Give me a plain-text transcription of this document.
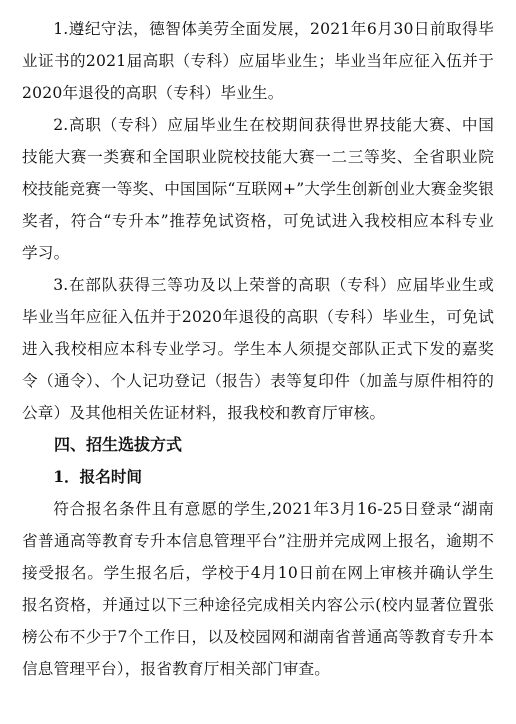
1.遵纪守法，德智体美劳全面发展，2021年6月30日前取得毕业证书的2021届高职（专科）应届毕业生；毕业当年应征入伍并于2020年退役的高职（专科）毕业生。

2.高职（专科）应届毕业生在校期间获得世界技能大赛、中国技能大赛一类赛和全国职业院校技能大赛一二三等奖、全省职业院校技能竞赛一等奖、中国国际“互联网+”大学生创新创业大赛金奖银奖者，符合“专升本”推荐免试资格，可免试进入我校相应本科专业学习。

3.在部队获得三等功及以上荣誉的高职（专科）应届毕业生或毕业当年应征入伍并于2020年退役的高职（专科）毕业生，可免试进入我校相应本科专业学习。学生本人须提交部队正式下发的嘉奖令（通令）、个人记功登记（报告）表等复印件（加盖与原件相符的公章）及其他相关佐证材料，报我校和教育厅审核。

四、招生选拔方式

1．报名时间

符合报名条件且有意愿的学生,2021年3月16-25日登录“湖南省普通高等教育专升本信息管理平台”注册并完成网上报名，逾期不接受报名。学生报名后，学校于4月10日前在网上审核并确认学生报名资格，并通过以下三种途径完成相关内容公示(校内显著位置张榜公布不少于7个工作日，以及校园网和湖南省普通高等教育专升本信息管理平台），报省教育厅相关部门审查。
